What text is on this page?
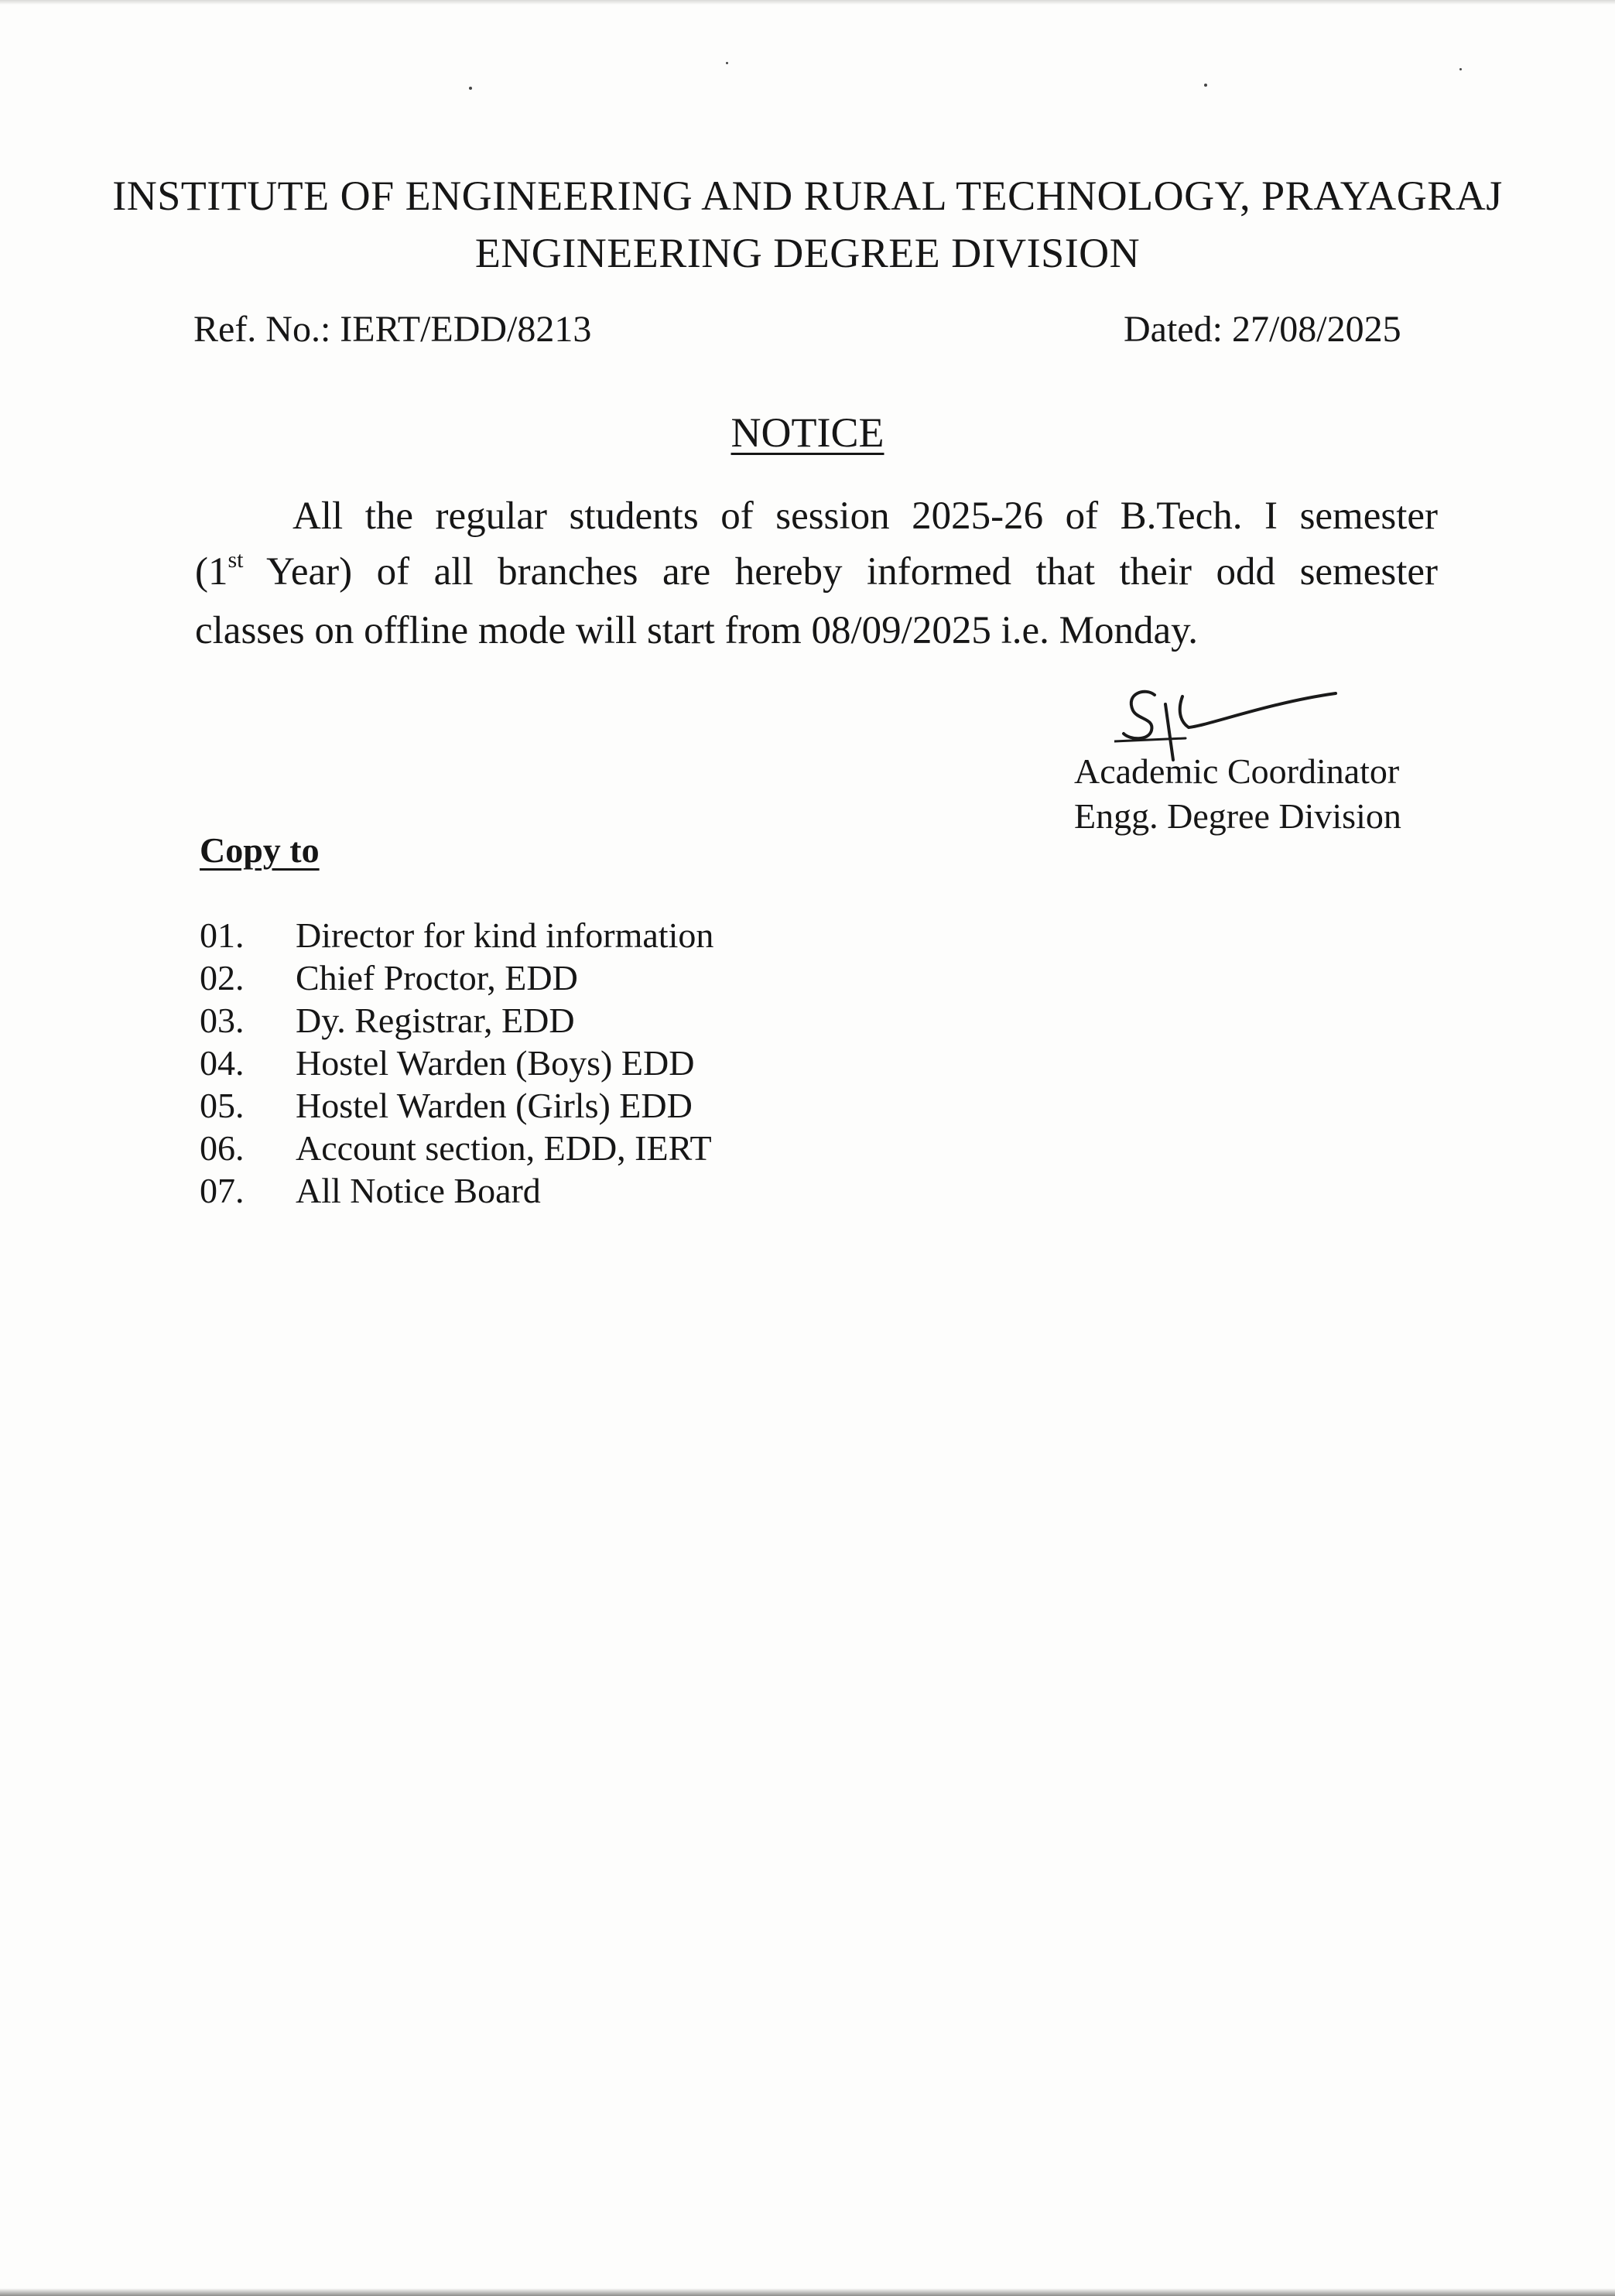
INSTITUTE OF ENGINEERING AND RURAL TECHNOLOGY, PRAYAGRAJ
ENGINEERING DEGREE DIVISION
Ref. No.: IERT/EDD/8213	Dated: 27/08/2025
NOTICE
All the regular students of session 2025-26 of B.Tech. I semester
(1st Year) of all branches are hereby informed that their odd semester
classes on offline mode will start from 08/09/2025 i.e. Monday.
Academic Coordinator
Engg. Degree Division
Copy to
01. Director for kind information
02. Chief Proctor, EDD
03. Dy. Registrar, EDD
04. Hostel Warden (Boys) EDD
05. Hostel Warden (Girls) EDD
06. Account section, EDD, IERT
07. All Notice Board
